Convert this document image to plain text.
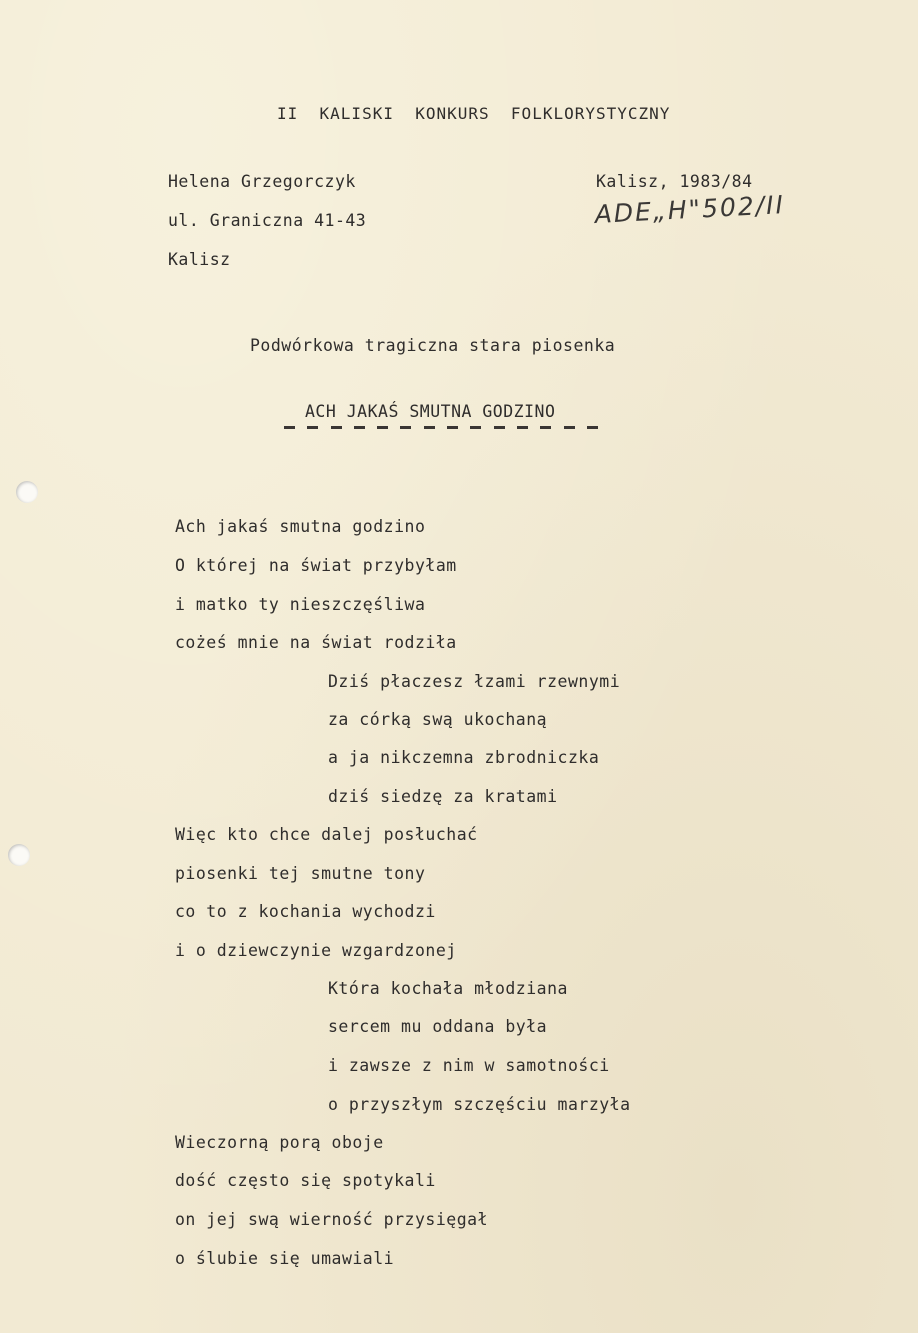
II  KALISKI  KONKURS  FOLKLORYSTYCZNY
Helena Grzegorczyk
ul. Graniczna 41-43
Kalisz
Kalisz, 1983/84
ADE„H"502/II
Podwórkowa tragiczna stara piosenka
ACH JAKAŚ SMUTNA GODZINO
Ach jakaś smutna godzino
O której na świat przybyłam
i matko ty nieszczęśliwa
cożeś mnie na świat rodziła
Dziś płaczesz łzami rzewnymi
za córką swą ukochaną
a ja nikczemna zbrodniczka
dziś siedzę za kratami
Więc kto chce dalej posłuchać
piosenki tej smutne tony
co to z kochania wychodzi
i o dziewczynie wzgardzonej
Która kochała młodziana
sercem mu oddana była
i zawsze z nim w samotności
o przyszłym szczęściu marzyła
Wieczorną porą oboje
dość często się spotykali
on jej swą wierność przysięgał
o ślubie się umawiali
